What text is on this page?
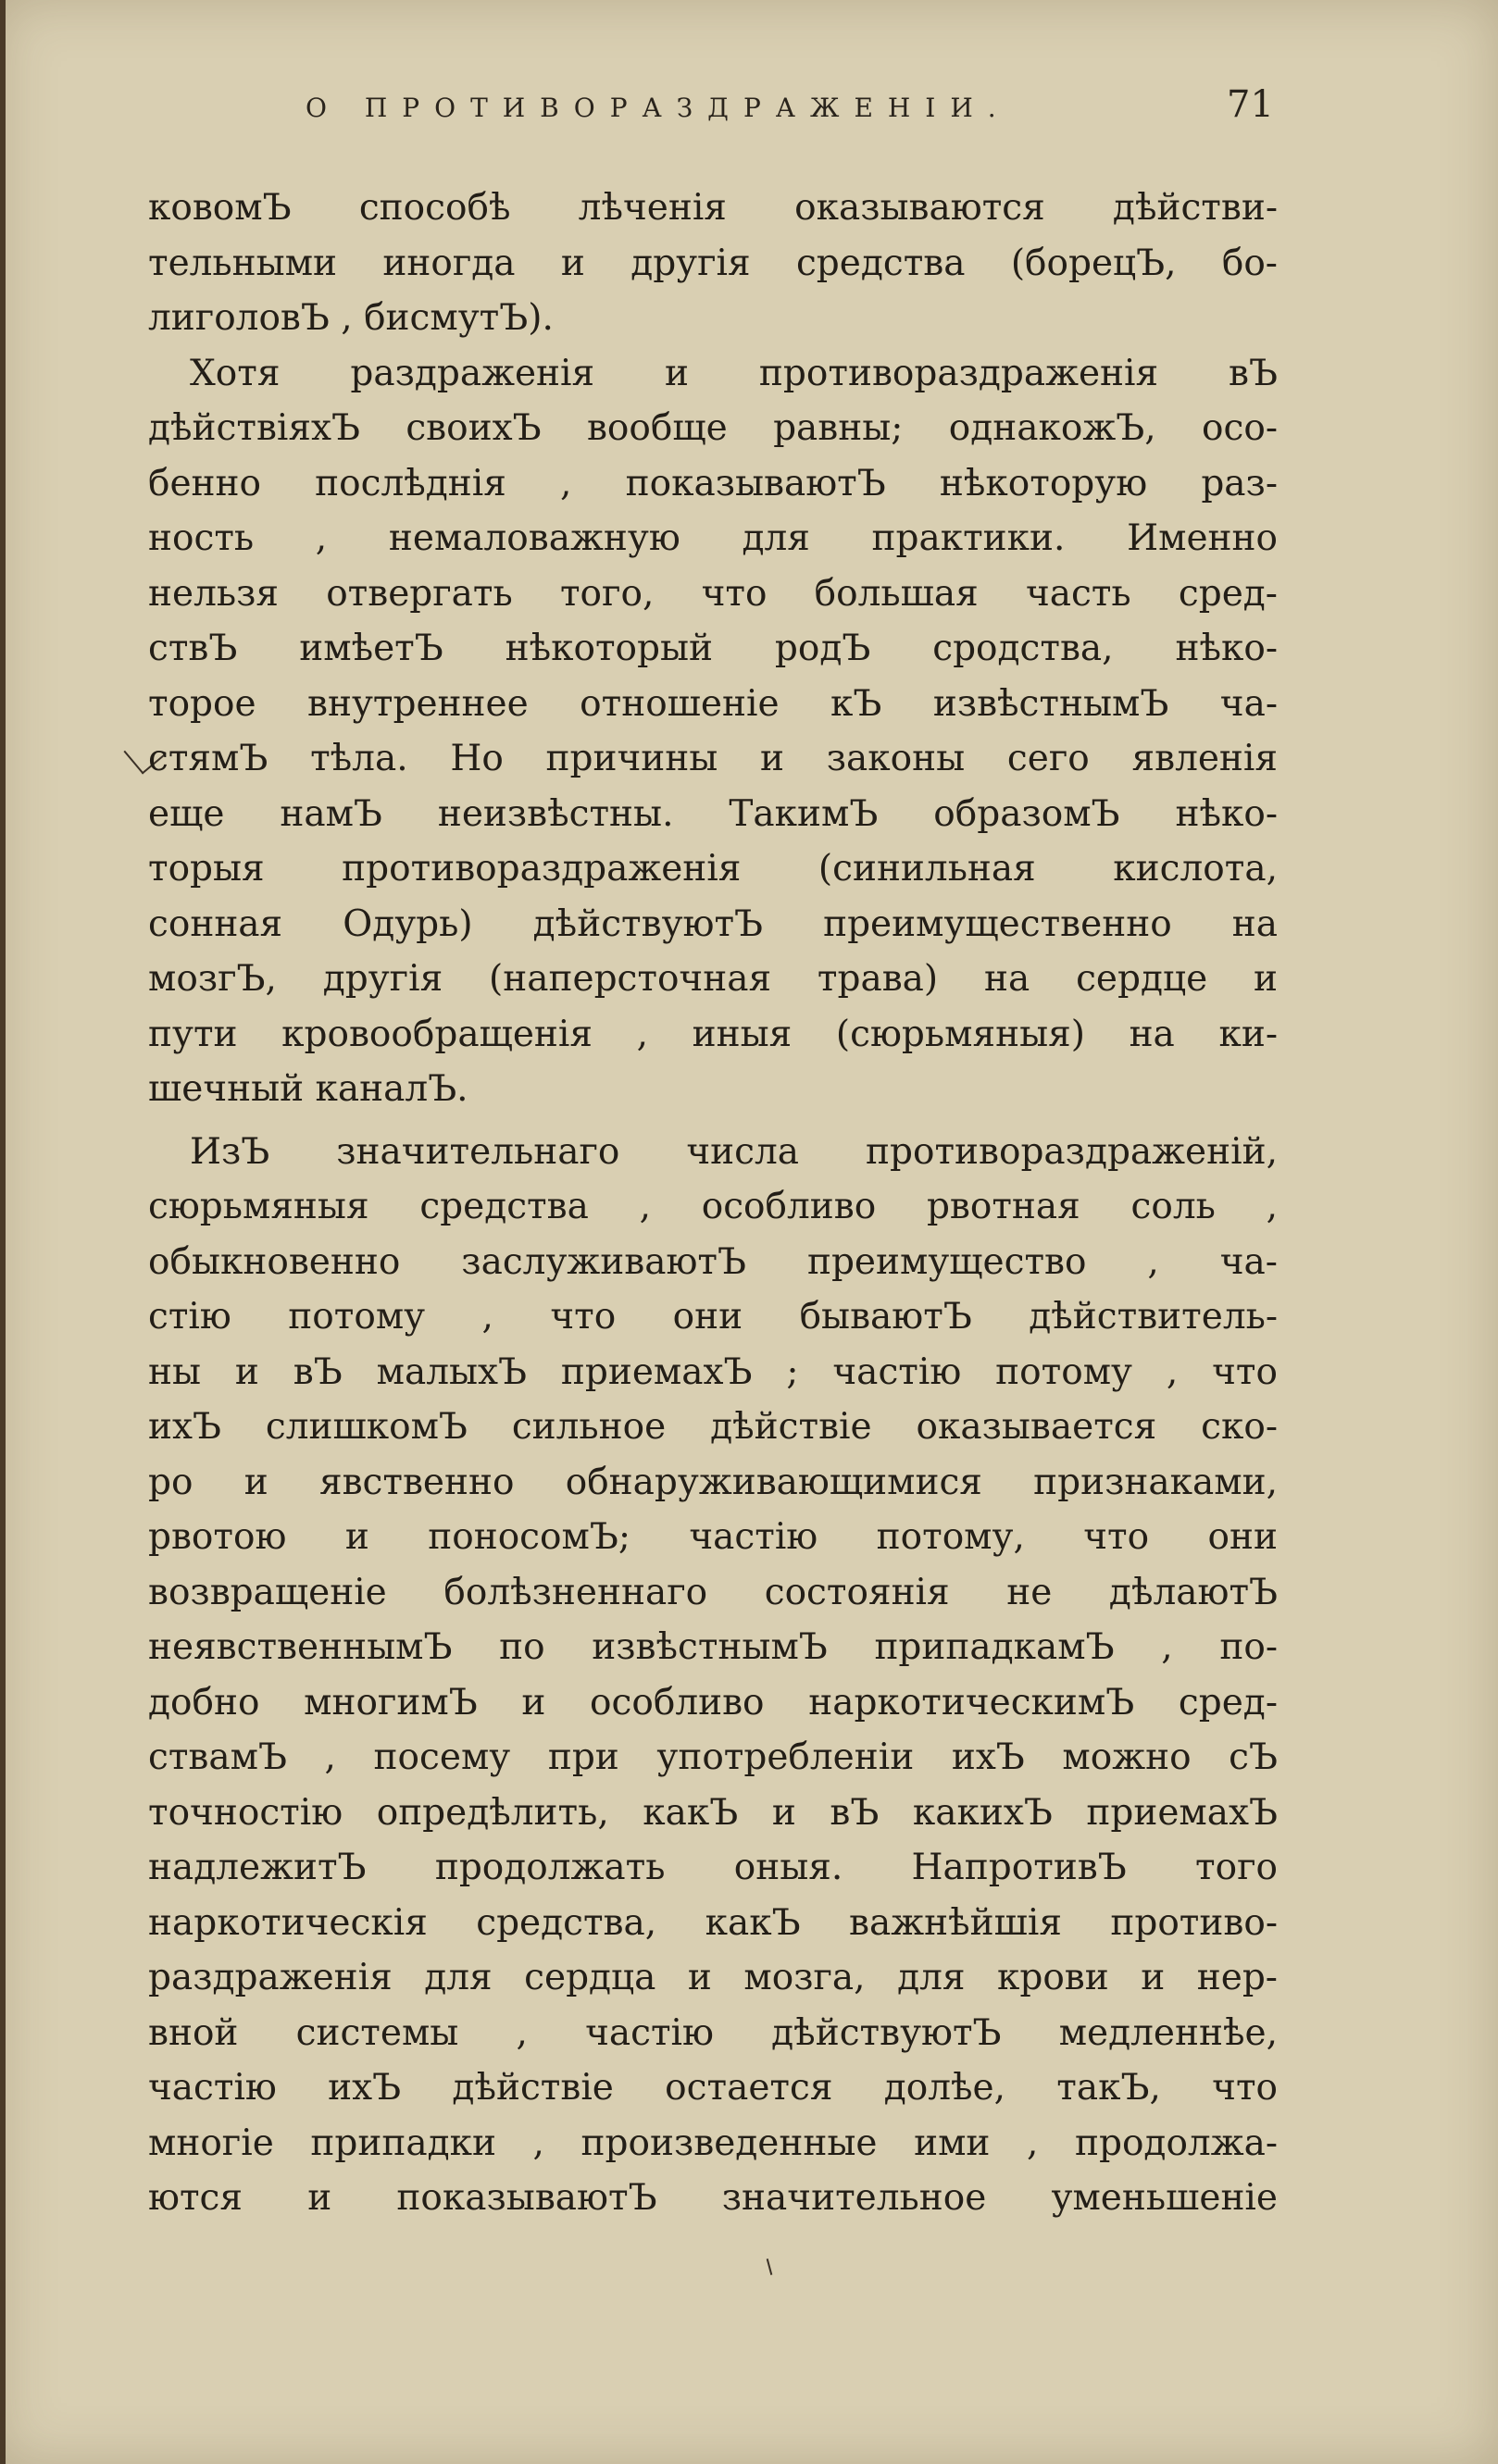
О ПРОТИВОРАЗДРАЖЕНІИ.	71
ковомЪ способѣ лѣченія оказываются дѣйстви-
тельными иногда и другія средства (борецЪ, бо-
лиголовЪ , бисмутЪ).
Хотя раздраженія и противораздраженія вЪ
дѣйствіяхЪ своихЪ вообще равны; однакожЪ, осо-
бенно послѣднія , показываютЪ нѣкоторую раз-
ность , немаловажную для практики. Именно
нельзя отвергать того, что большая часть сред-
ствЪ имѣетЪ нѣкоторый родЪ сродства, нѣко-
торое внутреннее отношеніе кЪ извѣстнымЪ ча-
стямЪ тѣла. Но причины и законы сего явленія
еще намЪ неизвѣстны. ТакимЪ образомЪ нѣко-
торыя противораздраженія (синильная кислота,
сонная Одурь) дѣйствуютЪ преимущественно на
мозгЪ, другія (наперсточная трава) на сердце и
пути кровообращенія , иныя (сюрьмяныя) на ки-
шечный каналЪ.
ИзЪ значительнаго числа противораздраженій,
сюрьмяныя средства , особливо рвотная соль ,
обыкновенно заслуживаютЪ преимущество , ча-
стію потому , что они бываютЪ дѣйствитель-
ны и вЪ малыхЪ приемахЪ ; частію потому , что
ихЪ слишкомЪ сильное дѣйствіе оказывается ско-
ро и явственно обнаруживающимися признаками,
рвотою и поносомЪ; частію потому, что они
возвращеніе болѣзненнаго состоянія не дѣлаютЪ
неявственнымЪ по извѣстнымЪ припадкамЪ , по-
добно многимЪ и особливо наркотическимЪ сред-
ствамЪ , посему при употребленіи ихЪ можно сЪ
точностію опредѣлить, какЪ и вЪ какихЪ приемахЪ
надлежитЪ продолжать оныя. НапротивЪ того
наркотическія средства, какЪ важнѣйшія противо-
раздраженія для сердца и мозга, для крови и нер-
вной системы , частію дѣйствуютЪ медленнѣе,
частію ихЪ дѣйствіе остается долѣе, такЪ, что
многіе припадки , произведенные ими , продолжа-
ются и показываютЪ значительное уменьшеніе
